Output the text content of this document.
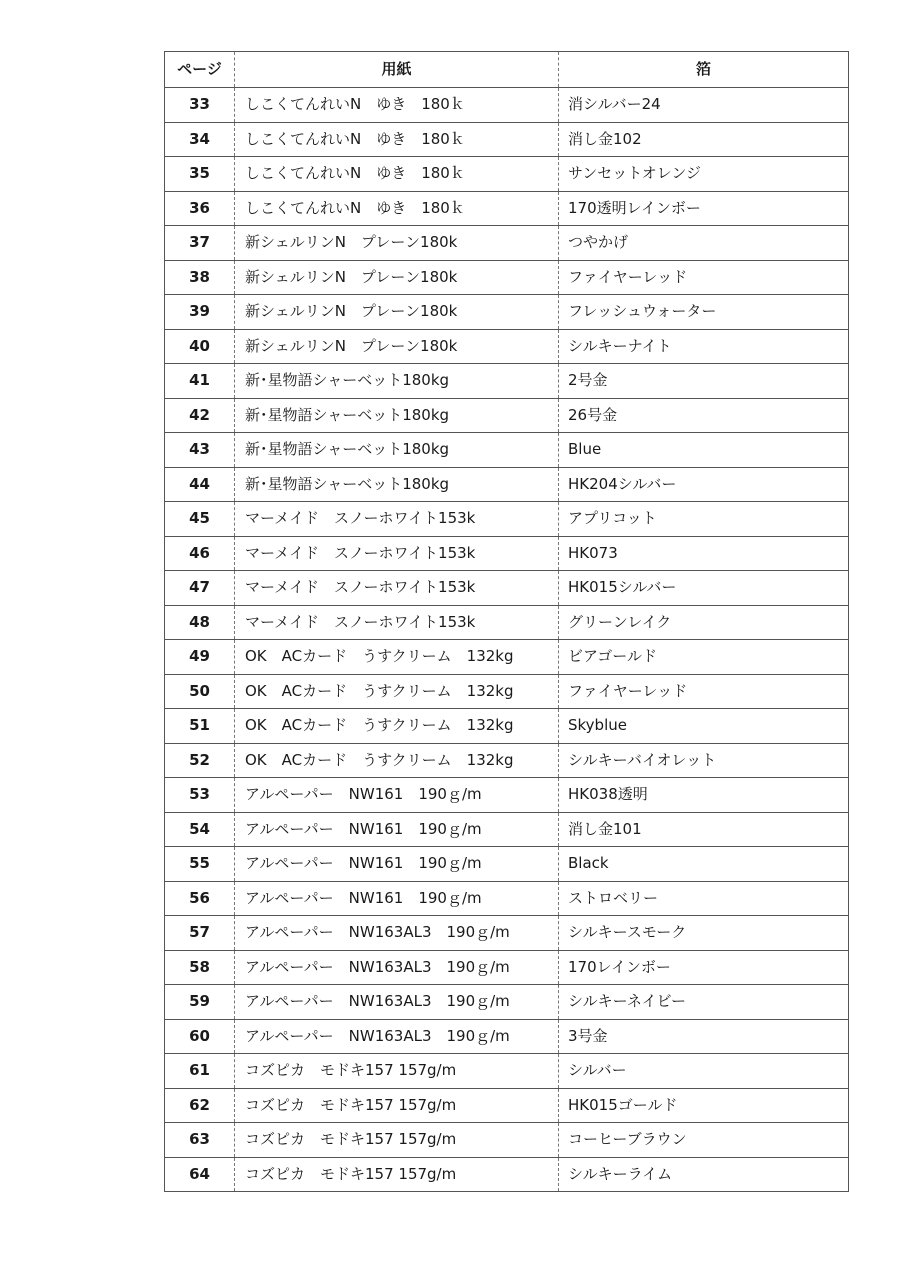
ページ	用紙	箔
33	しこくてんれいN　ゆき　180ｋ	消シルバー24
34	しこくてんれいN　ゆき　180ｋ	消し金102
35	しこくてんれいN　ゆき　180ｋ	サンセットオレンジ
36	しこくてんれいN　ゆき　180ｋ	170透明レインボー
37	新シェルリンN　プレーン180k	つやかげ
38	新シェルリンN　プレーン180k	ファイヤーレッド
39	新シェルリンN　プレーン180k	フレッシュウォーター
40	新シェルリンN　プレーン180k	シルキーナイト
41	新･星物語シャーベット180kg	2号金
42	新･星物語シャーベット180kg	26号金
43	新･星物語シャーベット180kg	Blue
44	新･星物語シャーベット180kg	HK204シルバー
45	マーメイド　スノーホワイト153k	アプリコット
46	マーメイド　スノーホワイト153k	HK073
47	マーメイド　スノーホワイト153k	HK015シルバー
48	マーメイド　スノーホワイト153k	グリーンレイク
49	OK　ACカード　うすクリーム　132kg	ビアゴールド
50	OK　ACカード　うすクリーム　132kg	ファイヤーレッド
51	OK　ACカード　うすクリーム　132kg	Skyblue
52	OK　ACカード　うすクリーム　132kg	シルキーバイオレット
53	アルペーパー　NW161　190ｇ/m	HK038透明
54	アルペーパー　NW161　190ｇ/m	消し金101
55	アルペーパー　NW161　190ｇ/m	Black
56	アルペーパー　NW161　190ｇ/m	ストロベリー
57	アルペーパー　NW163AL3　190ｇ/m	シルキースモーク
58	アルペーパー　NW163AL3　190ｇ/m	170レインボー
59	アルペーパー　NW163AL3　190ｇ/m	シルキーネイビー
60	アルペーパー　NW163AL3　190ｇ/m	3号金
61	コズピカ　モドキ157 157g/m	シルバー
62	コズピカ　モドキ157 157g/m	HK015ゴールド
63	コズピカ　モドキ157 157g/m	コーヒーブラウン
64	コズピカ　モドキ157 157g/m	シルキーライム
